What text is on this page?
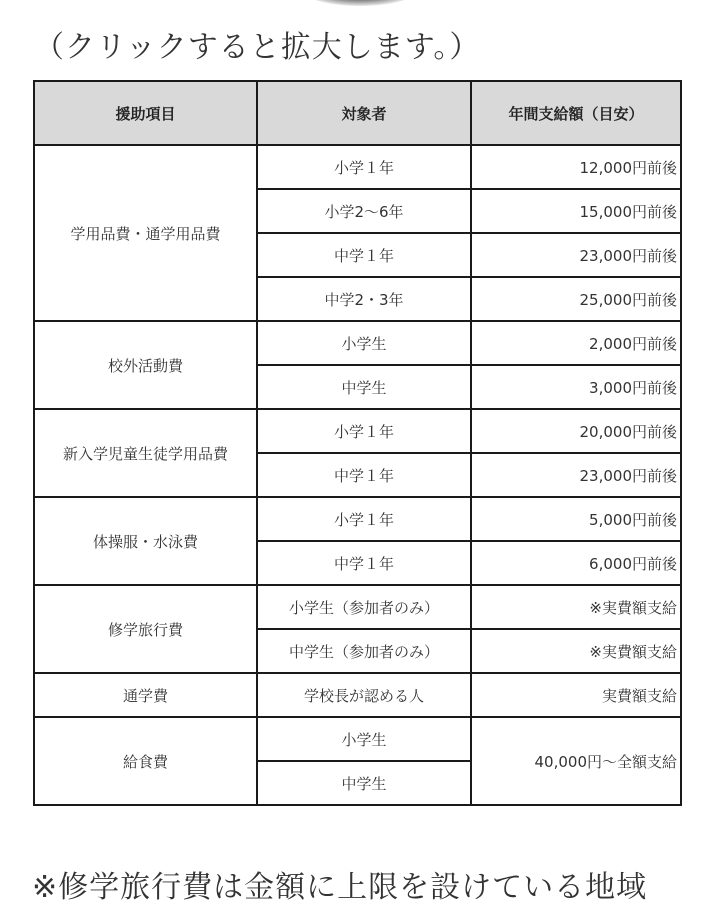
（クリックすると拡大します。）
援助項目	対象者	年間支給額（目安）
学用品費・通学用品費	小学１年	12,000円前後
	小学2〜6年	15,000円前後
	中学１年	23,000円前後
	中学2・3年	25,000円前後
校外活動費	小学生	2,000円前後
	中学生	3,000円前後
新入学児童生徒学用品費	小学１年	20,000円前後
	中学１年	23,000円前後
体操服・水泳費	小学１年	5,000円前後
	中学１年	6,000円前後
修学旅行費	小学生（参加者のみ）	※実費額支給
	中学生（参加者のみ）	※実費額支給
通学費	学校長が認める人	実費額支給
給食費	小学生	40,000円〜全額支給
	中学生	
※修学旅行費は金額に上限を設けている地域
